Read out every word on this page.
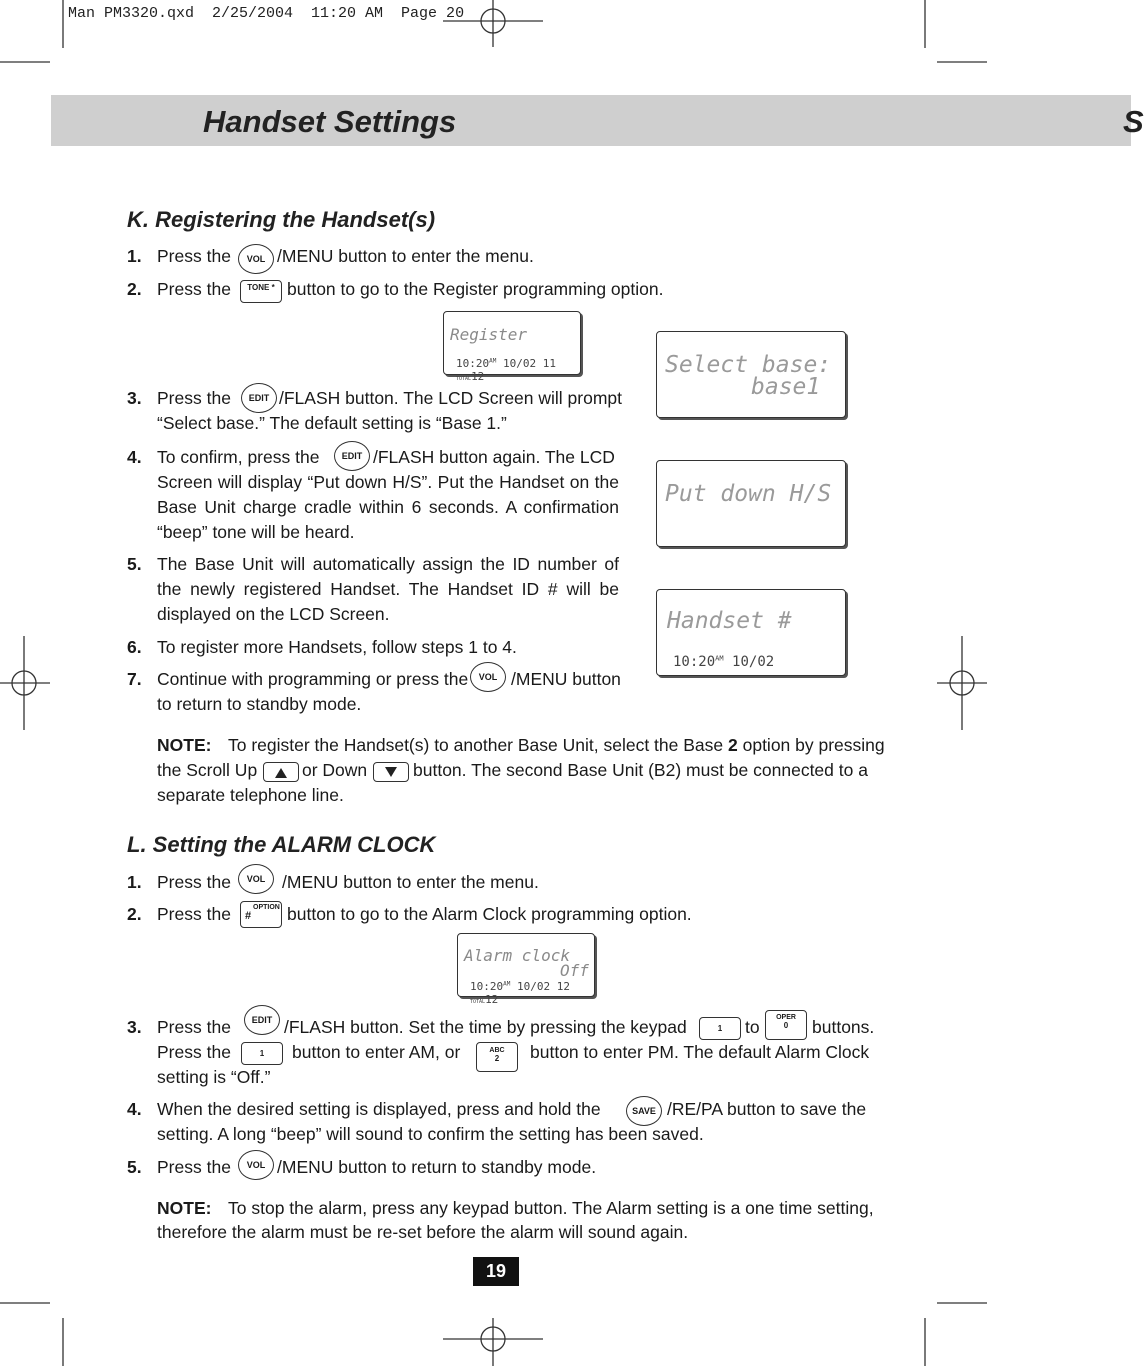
Man PM3320.qxd  2/25/2004  11:20 AM  Page 20
Handset Settings	S
K. Registering the Handset(s)
1. Press the	VOL /MENU button to enter the menu.
2. Press the	TONE * button to go to the Register programming option.
Register
$10:20^{AM}$ 10/02 11 TOTAL12	Select base:
base1
3. Press the	EDIT /FLASH button. The LCD Screen will prompt
“Select base.” The default setting is “Base 1.”
4. To confirm, press the	EDIT /FLASH button again. The LCD
Screen will display “Put down H/S”. Put the Handset on the Base Unit charge cradle within 6 seconds. A confirmation “beep” tone will be heard.
Put down H/S
5. The Base Unit will automatically assign the ID number of the newly registered Handset. The Handset ID # will be displayed on the LCD Screen.	Handset #
$10:20^{AM}$ 10/02
6. To register more Handsets, follow steps 1 to 4.
7. Continue with programming or press the	VOL /MENU button
to return to standby mode.
NOTE: To register the Handset(s) to another Base Unit, select the Base 2 option by pressing
the Scroll Up	or Down	button. The second Base Unit (B2) must be connected to a
separate telephone line.
L. Setting the ALARM CLOCK
1. Press the	VOL /MENU button to enter the menu.
2. Press the #
OPTION button to go to the Alarm Clock programming option.
Alarm clock
Off
$10:20^{AM}$ 10/02 12 TOTAL12
3. Press the	EDIT /FLASH button. Set the time by pressing the keypad	1	to	OPER
0	buttons.
Press the	1	button to enter AM, or	ABC
2	button to enter PM. The default Alarm Clock
setting is “Off.”
4. When the desired setting is displayed, press and hold the	SAVE /RE/PA button to save the
setting. A long “beep” will sound to confirm the setting has been saved.
5. Press the	VOL /MENU button to return to standby mode.
NOTE: To stop the alarm, press any keypad button. The Alarm setting is a one time setting,
therefore the alarm must be re-set before the alarm will sound again.
19
